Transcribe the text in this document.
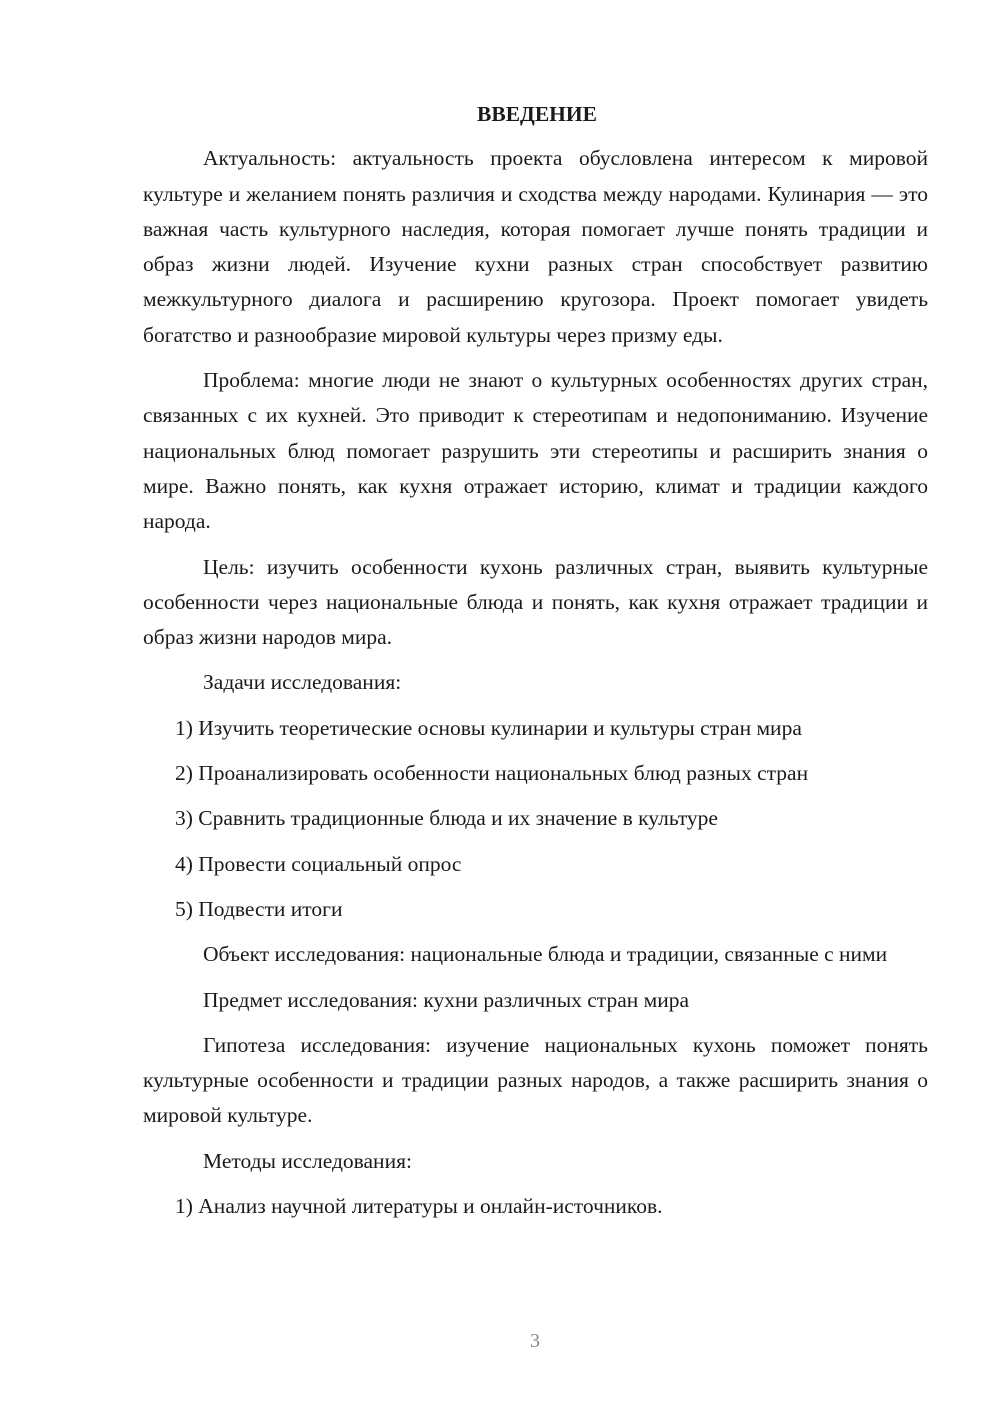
ВВЕДЕНИЕ
Актуальность: актуальность проекта обусловлена интересом к мировой культуре и желанием понять различия и сходства между народами. Кулинария — это важная часть культурного наследия, которая помогает лучше понять традиции и образ жизни людей. Изучение кухни разных стран способствует развитию межкультурного диалога и расширению кругозора. Проект помогает увидеть богатство и разнообразие мировой культуры через призму еды.
Проблема: многие люди не знают о культурных особенностях других стран, связанных с их кухней. Это приводит к стереотипам и недопониманию. Изучение национальных блюд помогает разрушить эти стереотипы и расширить знания о мире. Важно понять, как кухня отражает историю, климат и традиции каждого народа.
Цель: изучить особенности кухонь различных стран, выявить культурные особенности через национальные блюда и понять, как кухня отражает традиции и образ жизни народов мира.
Задачи исследования:
1) Изучить теоретические основы кулинарии и культуры стран мира
2) Проанализировать особенности национальных блюд разных стран
3) Сравнить традиционные блюда и их значение в культуре
4) Провести социальный опрос
5) Подвести итоги
Объект исследования: национальные блюда и традиции, связанные с ними
Предмет исследования: кухни различных стран мира
Гипотеза исследования: изучение национальных кухонь поможет понять культурные особенности и традиции разных народов, а также расширить знания о мировой культуре.
Методы исследования:
1) Анализ научной литературы и онлайн-источников.
3
